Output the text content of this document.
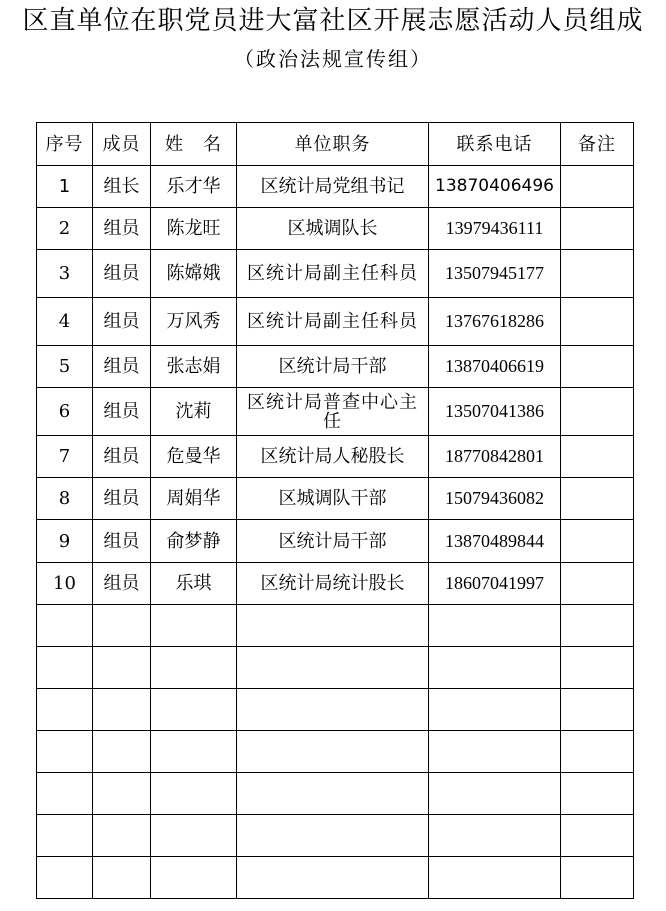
区直单位在职党员进大富社区开展志愿活动人员组成
（政治法规宣传组）
序号	成员	姓　名	单位职务	联系电话	备注
1	组长	乐才华	区统计局党组书记	13870406496	
2	组员	陈龙旺	区城调队长	13979436111	
3	组员	陈嫦娥	区统计局副主任科员	13507945177	
4	组员	万风秀	区统计局副主任科员	13767618286	
5	组员	张志娟	区统计局干部	13870406619	
6	组员	沈莉	区统计局普查中心主任	13507041386	
7	组员	危曼华	区统计局人秘股长	18770842801	
8	组员	周娟华	区城调队干部	15079436082	
9	组员	俞梦静	区统计局干部	13870489844	
10	组员	乐琪	区统计局统计股长	18607041997	
